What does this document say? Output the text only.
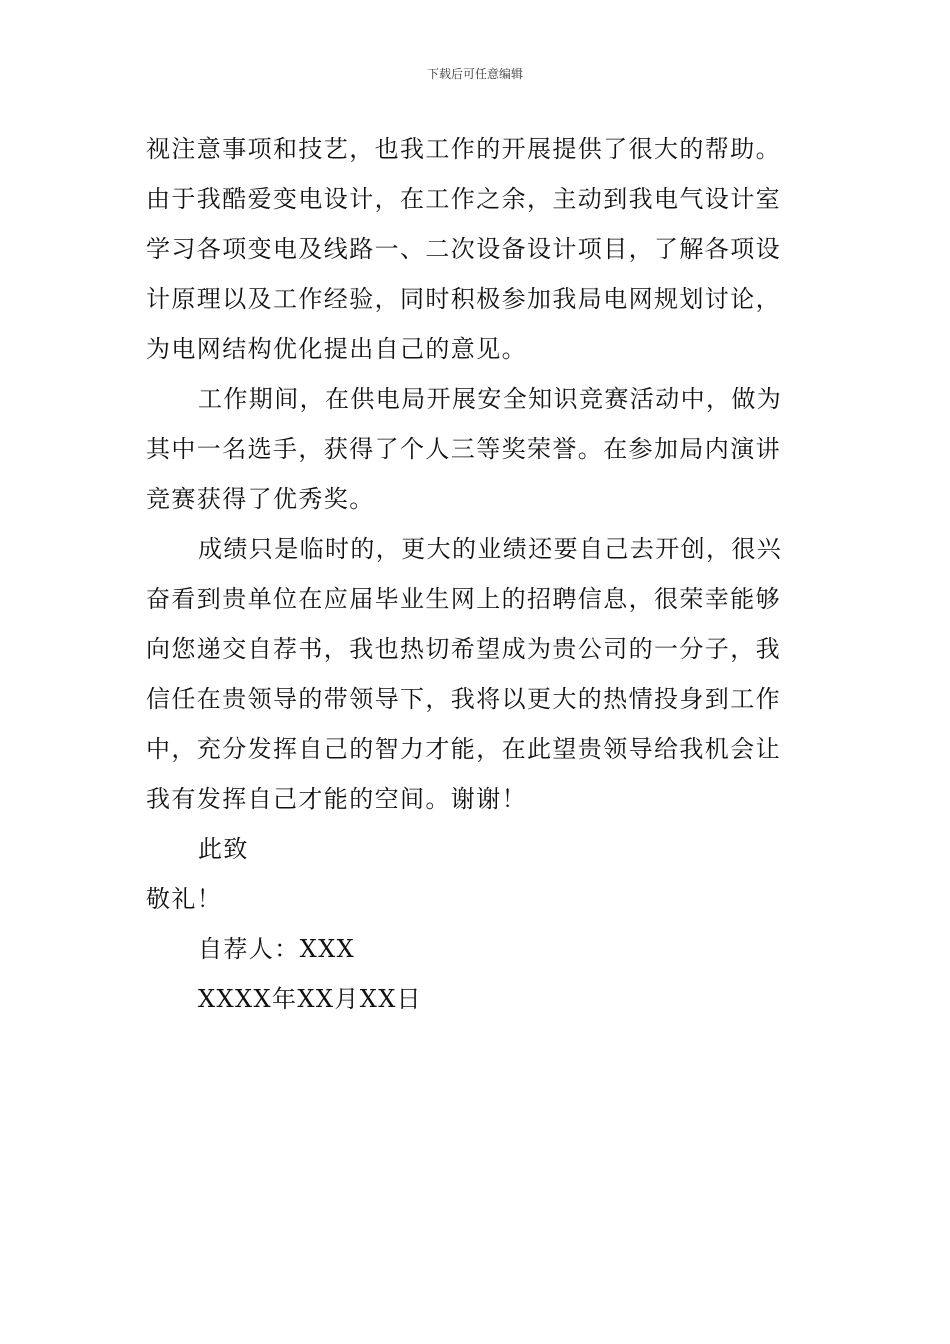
下载后可任意编辑
视注意事项和技艺，也我工作的开展提供了很大的帮助。
由于我酷爱变电设计，在工作之余，主动到我电气设计室
学习各项变电及线路一、二次设备设计项目，了解各项设
计原理以及工作经验，同时积极参加我局电网规划讨论，
为电网结构优化提出自己的意见。
工作期间，在供电局开展安全知识竞赛活动中，做为
其中一名选手，获得了个人三等奖荣誉。在参加局内演讲
竞赛获得了优秀奖。
成绩只是临时的，更大的业绩还要自己去开创，很兴
奋看到贵单位在应届毕业生网上的招聘信息，很荣幸能够
向您递交自荐书，我也热切希望成为贵公司的一分子，我
信任在贵领导的带领导下，我将以更大的热情投身到工作
中，充分发挥自己的智力才能，在此望贵领导给我机会让
我有发挥自己才能的空间。谢谢！

此致

敬礼！

自荐人：XXX

XXXX年XX月XX日
